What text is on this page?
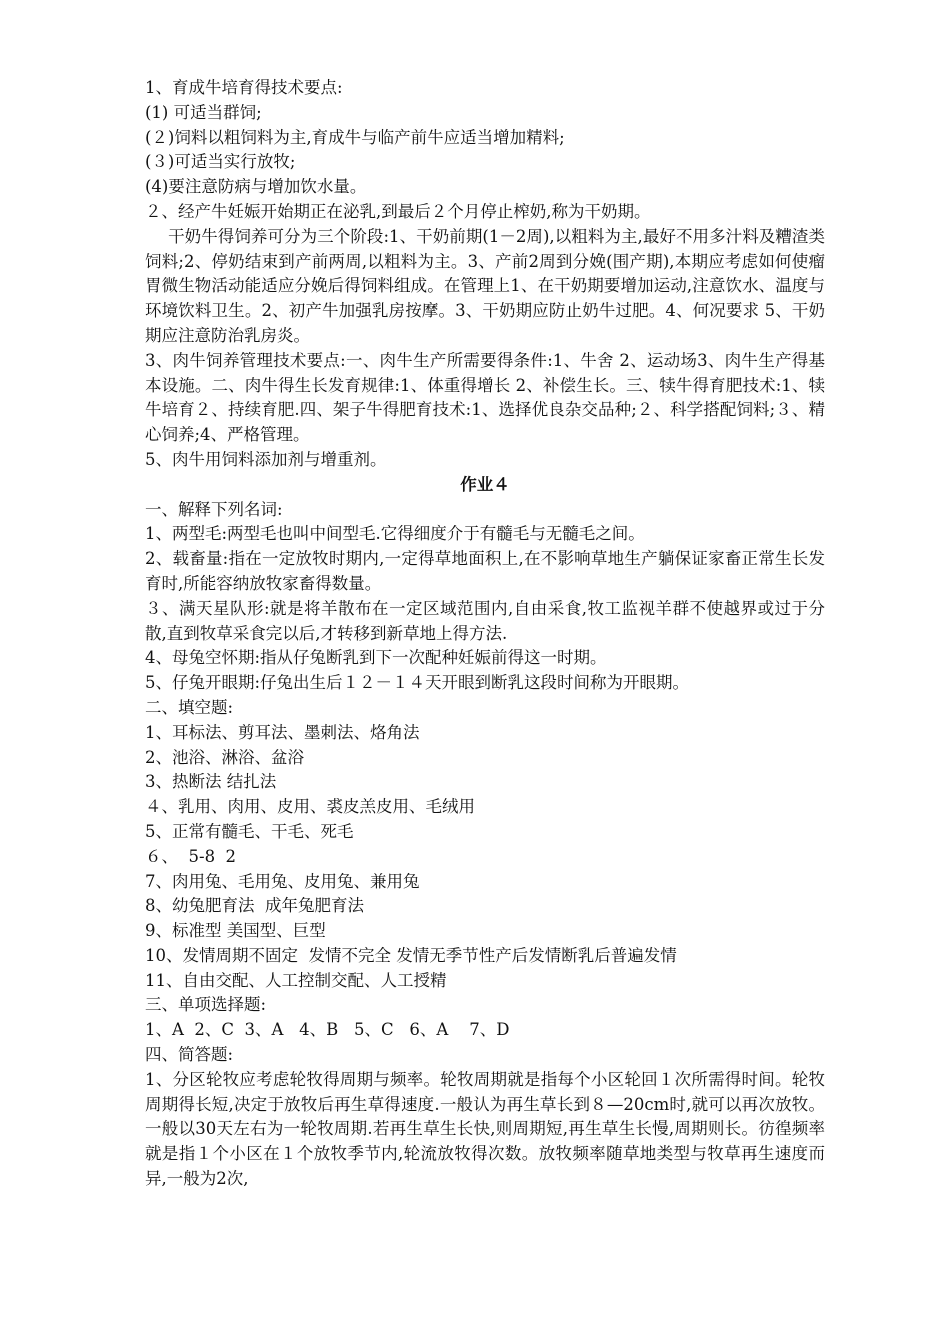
1、育成牛培育得技术要点:
(1) 可适当群饲;
(２)饲料以粗饲料为主,育成牛与临产前牛应适当增加精料;
(３)可适当实行放牧;
(4)要注意防病与增加饮水量。
２、经产牛妊娠开始期正在泌乳,到最后２个月停止榨奶,称为干奶期。
干奶牛得饲养可分为三个阶段:1、干奶前期(1－2周),以粗料为主,最好不用多汁料及糟渣类饲料;2、停奶结束到产前两周,以粗料为主。3、产前2周到分娩(围产期),本期应考虑如何使瘤胃微生物活动能适应分娩后得饲料组成。在管理上1、在干奶期要增加运动,注意饮水、温度与环境饮料卫生。2、初产牛加强乳房按摩。3、干奶期应防止奶牛过肥。4、何况要求 5、干奶期应注意防治乳房炎。
3、肉牛饲养管理技术要点:一、肉牛生产所需要得条件:1、牛舍 2、运动场3、肉牛生产得基本设施。二、肉牛得生长发育规律:1、体重得增长 2、补偿生长。三、犊牛得育肥技术:1、犊牛培育２、持续育肥.四、架子牛得肥育技术:1、选择优良杂交品种;２、科学搭配饲料;３、精心饲养;4、严格管理。
5、肉牛用饲料添加剂与增重剂。
作业４
一、解释下列名词:
1、两型毛:两型毛也叫中间型毛.它得细度介于有髓毛与无髓毛之间。
2、载畜量:指在一定放牧时期内,一定得草地面积上,在不影响草地生产躺保证家畜正常生长发育时,所能容纳放牧家畜得数量。
３、满天星队形:就是将羊散布在一定区域范围内,自由采食,牧工监视羊群不使越界或过于分散,直到牧草采食完以后,才转移到新草地上得方法.
4、母兔空怀期:指从仔兔断乳到下一次配种妊娠前得这一时期。
5、仔兔开眼期:仔兔出生后１２－１４天开眼到断乳这段时间称为开眼期。
二、填空题:
1、耳标法、剪耳法、墨刺法、烙角法
2、池浴、淋浴、盆浴
3、热断法 结扎法
４、乳用、肉用、皮用、裘皮羔皮用、毛绒用
5、正常有髓毛、干毛、死毛
６、  5-8  2
7、肉用兔、毛用兔、皮用兔、兼用兔
8、幼兔肥育法  成年兔肥育法
9、标准型 美国型、巨型
10、发情周期不固定  发情不完全 发情无季节性产后发情断乳后普遍发情
11、自由交配、人工控制交配、人工授精
三、单项选择题:
1、A  2、C  3、A   4、B   5、C   6、A    7、D
四、简答题:
1、分区轮牧应考虑轮牧得周期与频率。轮牧周期就是指每个小区轮回１次所需得时间。轮牧周期得长短,决定于放牧后再生草得速度.一般认为再生草长到８—20cm时,就可以再次放牧。一般以30天左右为一轮牧周期.若再生草生长快,则周期短,再生草生长慢,周期则长。彷徨频率就是指１个小区在１个放牧季节内,轮流放牧得次数。放牧频率随草地类型与牧草再生速度而异,一般为2次,
